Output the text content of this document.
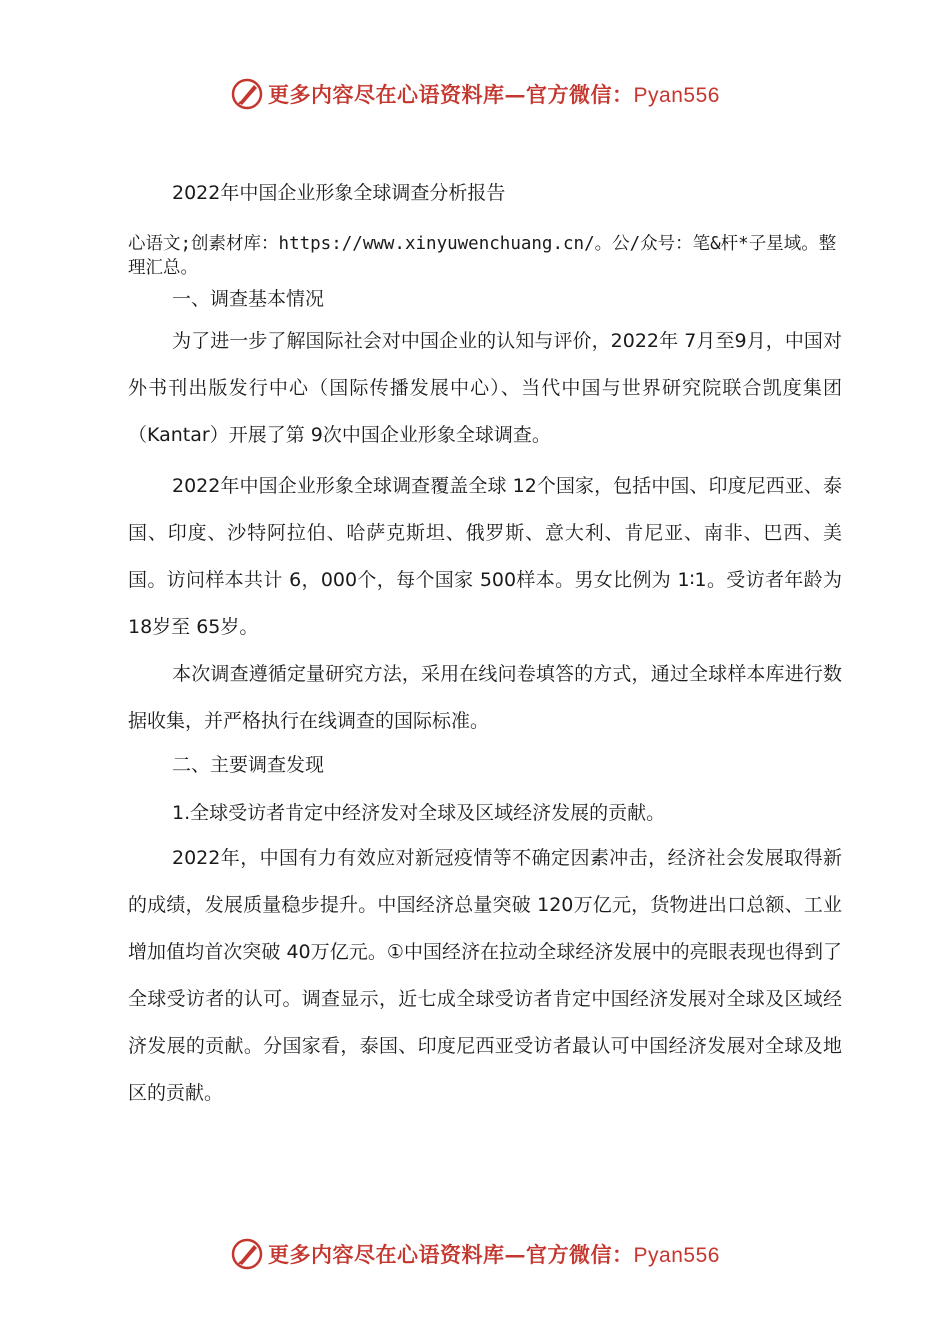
更多内容尽在心语资料库—官方微信：Pyan556
2022年中国企业形象全球调查分析报告
心语文;创素材库：https://www.xinyuwenchuang.cn/。公/众号：笔&杆*子星域。整理汇总。
一、调查基本情况
为了进一步了解国际社会对中国企业的认知与评价，2022年 7月至9月，中国对外书刊出版发行中心（国际传播发展中心）、当代中国与世界研究院联合凯度集团（Kantar）开展了第 9次中国企业形象全球调查。
2022年中国企业形象全球调查覆盖全球 12个国家，包括中国、印度尼西亚、泰国、印度、沙特阿拉伯、哈萨克斯坦、俄罗斯、意大利、肯尼亚、南非、巴西、美国。访问样本共计 6，000个，每个国家 500样本。男女比例为 1∶1。受访者年龄为 18岁至 65岁。
本次调查遵循定量研究方法，采用在线问卷填答的方式，通过全球样本库进行数据收集，并严格执行在线调查的国际标准。
二、主要调查发现
1.全球受访者肯定中经济发对全球及区域经济发展的贡献。
2022年，中国有力有效应对新冠疫情等不确定因素冲击，经济社会发展取得新的成绩，发展质量稳步提升。中国经济总量突破 120万亿元，货物进出口总额、工业增加值均首次突破 40万亿元。①中国经济在拉动全球经济发展中的亮眼表现也得到了全球受访者的认可。调查显示，近七成全球受访者肯定中国经济发展对全球及区域经济发展的贡献。分国家看，泰国、印度尼西亚受访者最认可中国经济发展对全球及地区的贡献。
更多内容尽在心语资料库—官方微信：Pyan556
